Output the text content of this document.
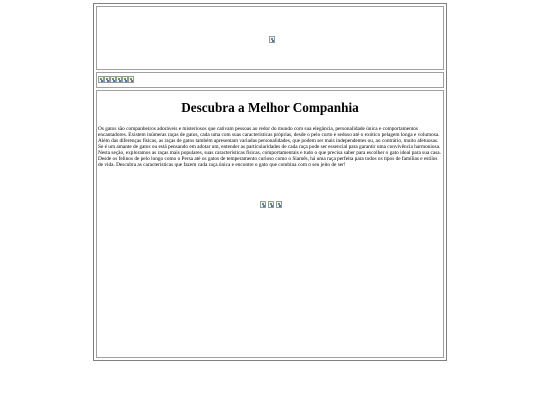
Descubra a Melhor Companhia

Os gatos são companheiros adoráveis e misteriosos que cativam pessoas ao redor do mundo com sua elegância, personalidade única e comportamentos encantadores. Existem inúmeras raças de gatos, cada uma com suas características próprias, desde o pelo curto e sedoso até o exótico pelagem longa e volumosa. Além das diferenças físicas, as raças de gatos também apresentam variadas personalidades, que podem ser mais independentes ou, ao contrário, muito afetuosas. Se é um amante de gatos ou está pensando em adotar um, entender as particularidades de cada raça pode ser essencial para garantir uma convivência harmoniosa. Nesta seção, exploramos as raças mais populares, suas características físicas, comportamentais e tudo o que precisa saber para escolher o gato ideal para sua casa. Desde os felinos de pelo longo como o Persa até os gatos de temperamento curioso como o Siamês, há uma raça perfeita para todos os tipos de famílias e estilos de vida. Descubra as características que fazem cada raça única e encontre o gato que combina com o seu jeito de ser!
